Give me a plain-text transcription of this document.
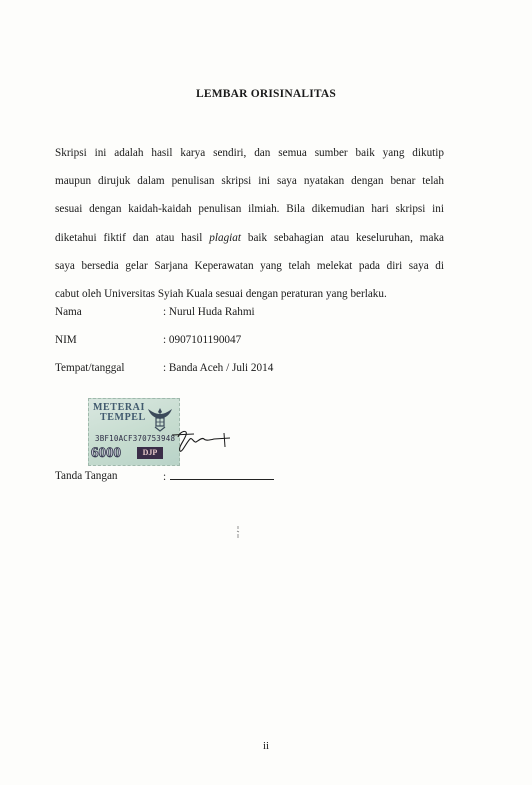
LEMBAR ORISINALITAS
Skripsi ini adalah hasil karya sendiri, dan semua sumber baik yang dikutip
maupun dirujuk dalam penulisan skripsi ini saya nyatakan dengan benar telah
sesuai dengan kaidah-kaidah penulisan ilmiah. Bila dikemudian hari skripsi ini
diketahui fiktif dan atau hasil plagiat baik sebahagian atau keseluruhan, maka
saya bersedia gelar Sarjana Keperawatan yang telah melekat pada diri saya di
cabut oleh Universitas Syiah Kuala sesuai dengan peraturan yang berlaku.
Nama	: Nurul Huda Rahmi
NIM	: 0907101190047
Tempat/tanggal	: Banda Aceh / Juli 2014
METERAI
TEMPEL
3BF10ACF370753948
6000	DJP
Tanda Tangan	:
ii
